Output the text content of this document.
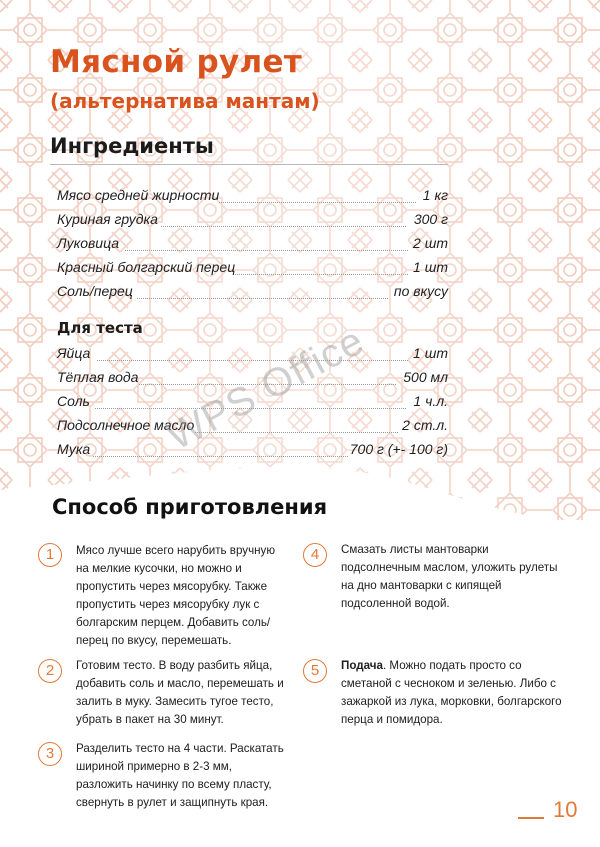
Мясной рулет
(альтернатива мантам)
Ингредиенты
Мясо средней жирности	1 кг
Куриная грудка	300 г
Луковица	2 шт
Красный болгарский перец	1 шт
Соль/перец	по вкусу
Для теста
Яйца	1 шт
Тёплая вода	500 мл
Соль	1 ч.л.
Подсолнечное масло	2 ст.л.
Мука	700 г (+- 100 г)
WPS Office
Способ приготовления
1	Мясо лучше всего нарубить вручную на мелкие кусочки, но можно и пропустить через мясорубку. Также пропустить через мясорубку лук с болгарским перцем. Добавить соль/перец по вкусу, перемешать.
2	Готовим тесто. В воду разбить яйца, добавить соль и масло, перемешать и залить в муку. Замесить тугое тесто, убрать в пакет на 30 минут.
3	Разделить тесто на 4 части. Раскатать шириной примерно в 2-3 мм, разложить начинку по всему пласту, свернуть в рулет и защипнуть края.
4	Смазать листы мантоварки подсолнечным маслом, уложить рулеты на дно мантоварки с кипящей подсоленной водой.
5	Подача. Можно подать просто со сметаной с чесноком и зеленью. Либо с зажаркой из лука, морковки, болгарского перца и помидора.
10
